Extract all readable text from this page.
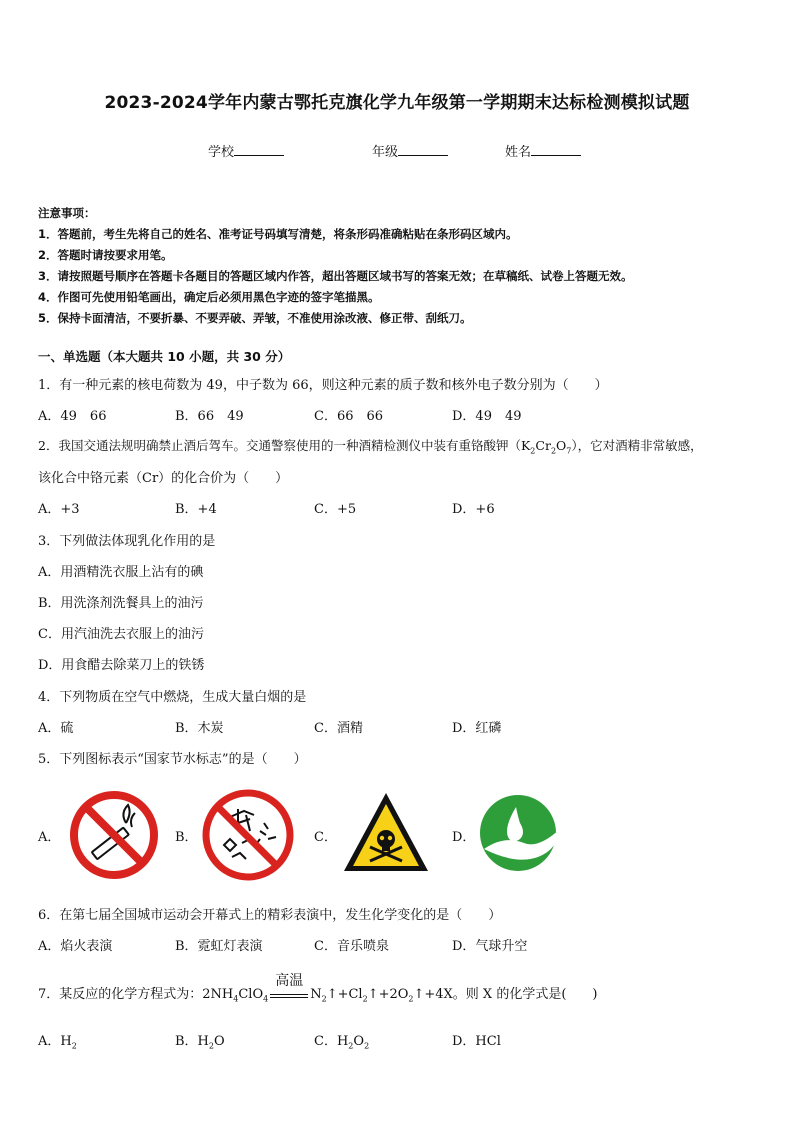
2023-2024学年内蒙古鄂托克旗化学九年级第一学期期末达标检测模拟试题
学校	年级	姓名
注意事项：
1．答题前，考生先将自己的姓名、准考证号码填写清楚，将条形码准确粘贴在条形码区域内。
2．答题时请按要求用笔。
3．请按照题号顺序在答题卡各题目的答题区域内作答，超出答题区域书写的答案无效；在草稿纸、试卷上答题无效。
4．作图可先使用铅笔画出，确定后必须用黑色字迹的签字笔描黑。
5．保持卡面清洁，不要折暴、不要弄破、弄皱，不准使用涂改液、修正带、刮纸刀。
一、单选题（本大题共 10 小题，共 30 分）
1．有一种元素的核电荷数为 49，中子数为 66，则这种元素的质子数和核外电子数分别为（　　）
A．49　66	B．66　49	C．66　66	D．49　49
2．我国交通法规明确禁止酒后驾车。交通警察使用的一种酒精检测仪中装有重铬酸钾$(K_2Cr_2O_7)$，它对酒精非常敏感，
该化合中铬元素（Cr）的化合价为（　　）
A．+3	B．+4	C．+5	D．+6
3．下列做法体现乳化作用的是
A．用酒精洗衣服上沾有的碘
B．用洗涤剂洗餐具上的油污
C．用汽油洗去衣服上的油污
D．用食醋去除菜刀上的铁锈
4．下列物质在空气中燃烧，生成大量白烟的是
A．硫	B．木炭	C．酒精	D．红磷
5．下列图标表示“国家节水标志”的是（　　）
A．	B．	C．	D．
6．在第七届全国城市运动会开幕式上的精彩表演中，发生化学变化的是（　　）
A．焰火表演	B．霓虹灯表演	C．音乐喷泉	D．气球升空
7．某反应的化学方程式为：$2NH_4ClO_4$
高温
$N_2↑+Cl_2↑+2O_2↑+4X$。则 X 的化学式是(　　)
A．$H_2$	B．$H_2O$	C．$H_2O_2$	D．HCl
